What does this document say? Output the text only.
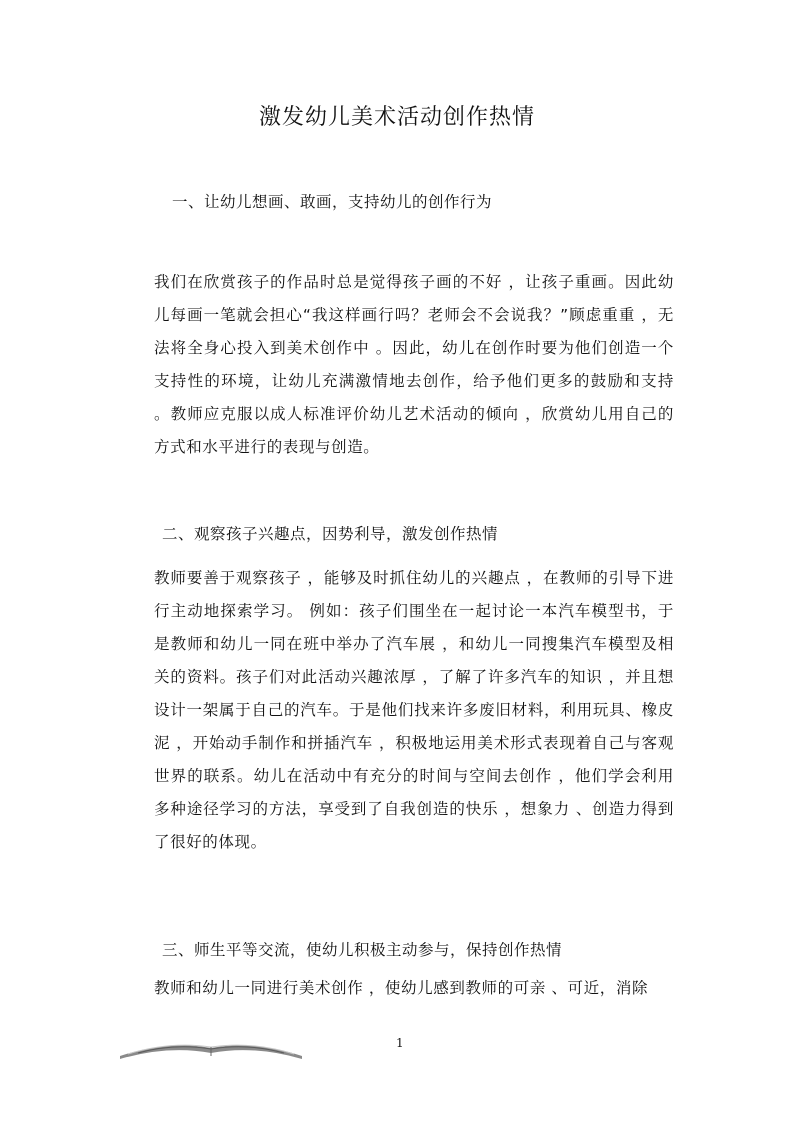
激发幼儿美术活动创作热情
一、让幼儿想画、敢画，支持幼儿的创作行为
我们在欣赏孩子的作品时总是觉得孩子画的不好 ，让孩子重画。因此幼儿每画一笔就会担心“我这样画行吗？老师会不会说我？”顾虑重重 ，无法将全身心投入到美术创作中 。因此，幼儿在创作时要为他们创造一个支持性的环境，让幼儿充满激情地去创作，给予他们更多的鼓励和支持 。教师应克服以成人标准评价幼儿艺术活动的倾向 ，欣赏幼儿用自己的方式和水平进行的表现与创造。
二、观察孩子兴趣点，因势利导，激发创作热情
教师要善于观察孩子 ，能够及时抓住幼儿的兴趣点 ，在教师的引导下进行主动地探索学习。 例如：孩子们围坐在一起讨论一本汽车模型书，于是教师和幼儿一同在班中举办了汽车展 ，和幼儿一同搜集汽车模型及相关的资料。孩子们对此活动兴趣浓厚 ，了解了许多汽车的知识 ，并且想设计一架属于自己的汽车。于是他们找来许多废旧材料，利用玩具、橡皮泥 ，开始动手制作和拼插汽车 ，积极地运用美术形式表现着自己与客观世界的联系。幼儿在活动中有充分的时间与空间去创作 ，他们学会利用多种途径学习的方法，享受到了自我创造的快乐 ，想象力 、创造力得到了很好的体现。
三、师生平等交流，使幼儿积极主动参与，保持创作热情
教师和幼儿一同进行美术创作 ，使幼儿感到教师的可亲 、可近，消除
1
